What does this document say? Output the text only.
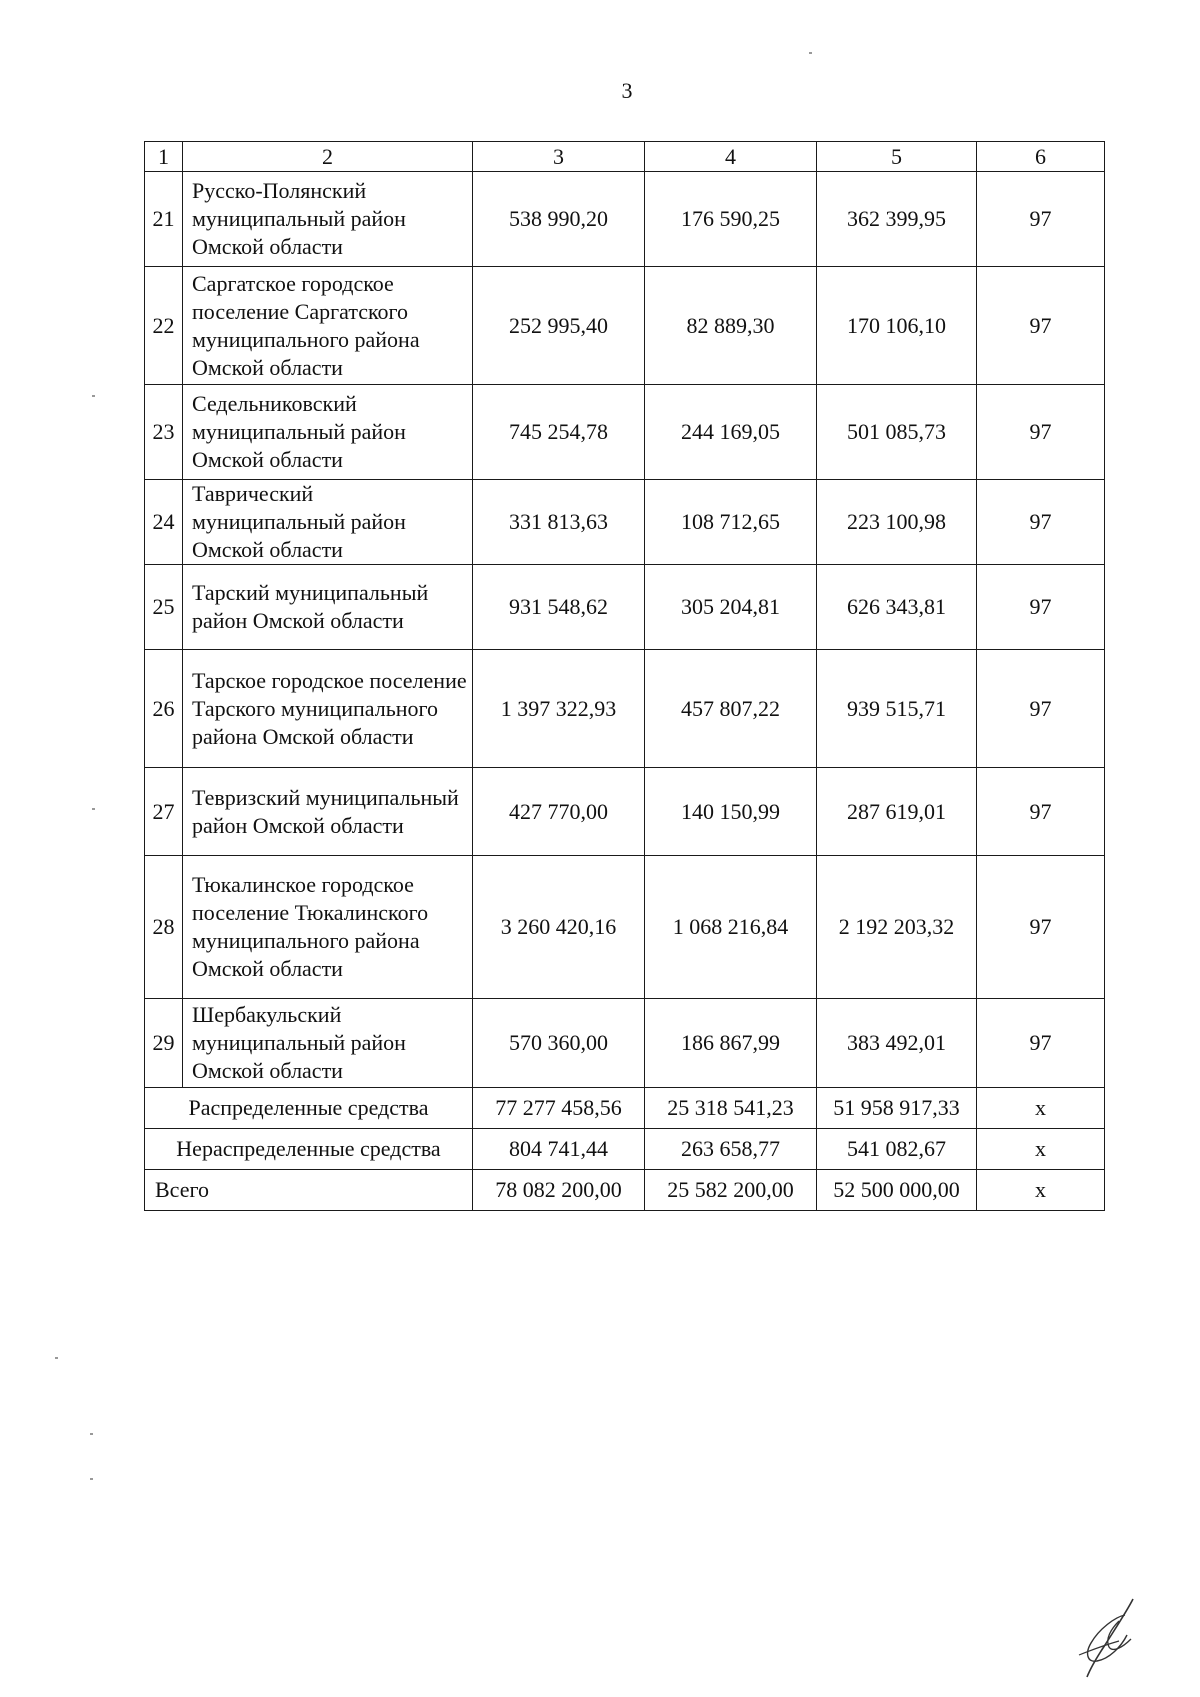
3
1	2	3	4	5	6
21	Русско-Полянский муниципальный район Омской области	538 990,20	176 590,25	362 399,95	97
22	Саргатское городское поселение Саргатского муниципального района Омской области	252 995,40	82 889,30	170 106,10	97
23	Седельниковский муниципальный район Омской области	745 254,78	244 169,05	501 085,73	97
24	Таврический муниципальный район Омской области	331 813,63	108 712,65	223 100,98	97
25	Тарский муниципальный район Омской области	931 548,62	305 204,81	626 343,81	97
26	Тарское городское поселение Тарского муниципального района Омской области	1 397 322,93	457 807,22	939 515,71	97
27	Тевризский муниципальный район Омской области	427 770,00	140 150,99	287 619,01	97
28	Тюкалинское городское поселение Тюкалинского муниципального района Омской области	3 260 420,16	1 068 216,84	2 192 203,32	97
29	Шербакульский муниципальный район Омской области	570 360,00	186 867,99	383 492,01	97
Распределенные средства		77 277 458,56	25 318 541,23	51 958 917,33	х
Нераспределенные средства		804 741,44	263 658,77	541 082,67	х
Всего		78 082 200,00	25 582 200,00	52 500 000,00	х
